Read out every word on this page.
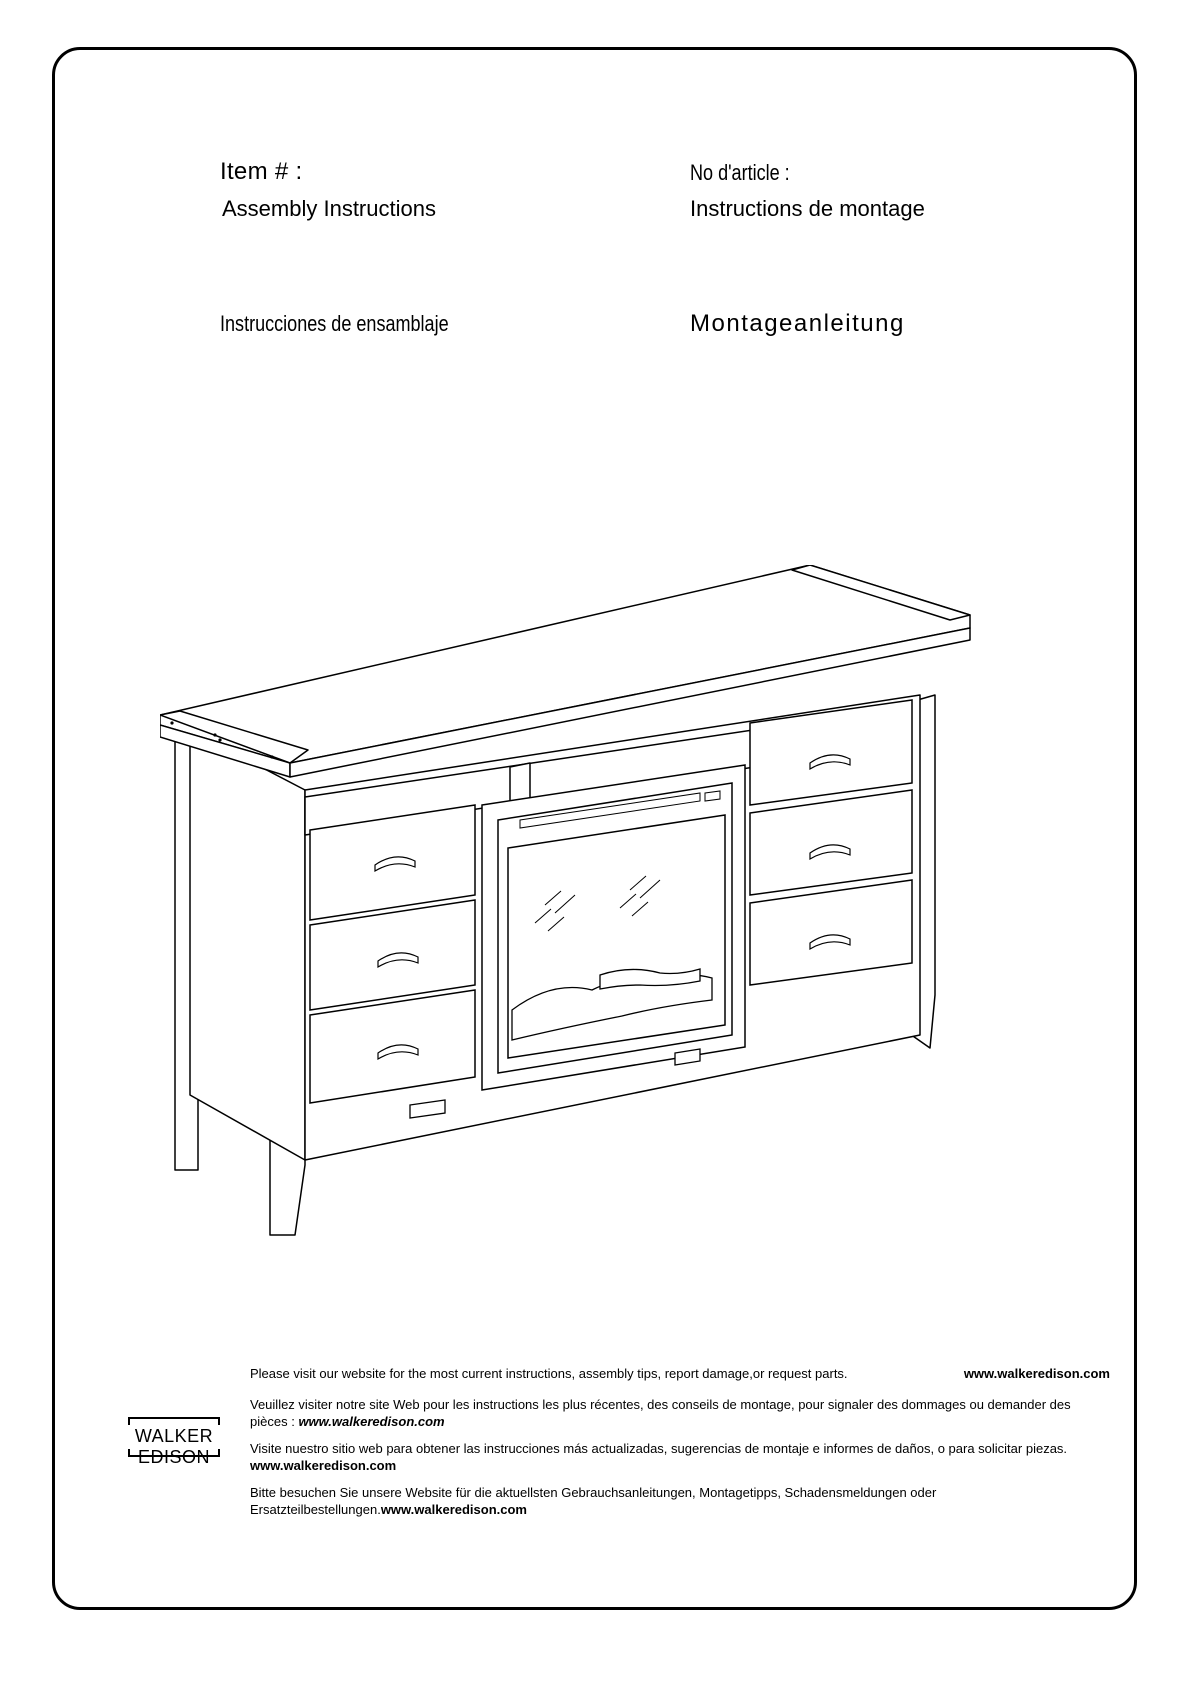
Item # :	No d'article :
Assembly Instructions	Instructions de montage
Instrucciones de ensamblaje	Montageanleitung
WALKER EDISON

Please visit our website for the most current instructions, assembly tips, report damage,or request parts.	www.walkeredison.com

Veuillez visiter notre site Web pour les instructions les plus récentes, des conseils de montage, pour signaler des dommages ou demander des pièces : www.walkeredison.com

Visite nuestro sitio web para obtener las instrucciones más actualizadas, sugerencias de montaje e informes de daños, o para solicitar piezas. www.walkeredison.com

Bitte besuchen Sie unsere Website für die aktuellsten Gebrauchsanleitungen, Montagetipps, Schadensmeldungen oder Ersatzteilbestellungen.www.walkeredison.com
